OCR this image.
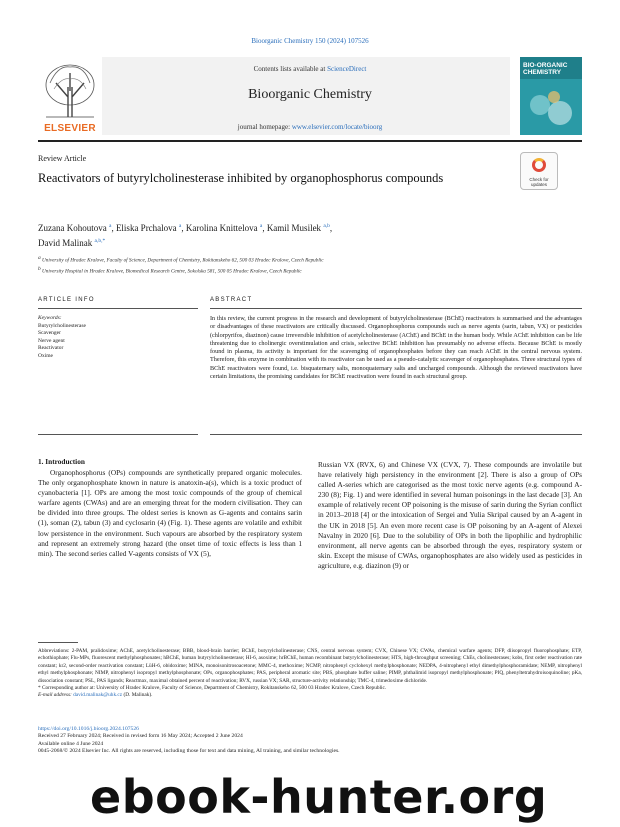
Bioorganic Chemistry 150 (2024) 107526
ELSEVIER
Contents lists available at ScienceDirect
Bioorganic Chemistry
journal homepage: www.elsevier.com/locate/bioorg
BIO-ORGANIC CHEMISTRY
Review Article
Reactivators of butyrylcholinesterase inhibited by organophosphorus compounds	Check for updates
Zuzana Kohoutova $^a$, Eliska Prchalova $^a$, Karolina Knittelova $^a$, Kamil Musilek $^{a,b}$,
David Malinak $^{a,b,*}$
$^a$ University of Hradec Kralove, Faculty of Science, Department of Chemistry, Rokitanskeho 62, 500 03 Hradec Kralove, Czech Republic
$^b$ University Hospital in Hradec Kralove, Biomedical Research Centre, Sokolska 581, 500 05 Hradec Kralove, Czech Republic
ARTICLE INFO	ABSTRACT
Keywords:
Butyrylcholinesterase
Scavenger
Nerve agent
Reactivator
Oxime
In this review, the current progress in the research and development of butyrylcholinesterase (BChE) reactivators is summarised and the advantages or disadvantages of these reactivators are critically discussed. Organophosphorus compounds such as nerve agents (sarin, tabun, VX) or pesticides (chlorpyrifos, diazinon) cause irreversible inhibition of acetylcholinesterase (AChE) and BChE in the human body. While AChE inhibition can be life threatening due to cholinergic overstimulation and crisis, selective BChE inhibition has presumably no adverse effects. Because BChE is mostly found in plasma, its activity is important for the scavenging of organophosphates before they can reach AChE in the central nervous system. Therefore, this enzyme in combination with its reactivator can be used as a pseudo-catalytic scavenger of organophosphates. Three structural types of BChE reactivators were found, i.e. bisquaternary salts, monoquaternary salts and uncharged compounds. Although the reviewed reactivators have certain limitations, the promising candidates for BChE reactivation were found in each structural group.
1. Introduction
Organophosphorus (OPs) compounds are synthetically prepared organic molecules. The only organophosphate known in nature is anatoxin-a(s), which is a toxic product of cyanobacteria [1]. OPs are among the most toxic compounds of the group of chemical warfare agents (CWAs) and are an emerging threat for the modern civilisation. They can be divided into three groups. The oldest series is known as G-agents and contains sarin (1), soman (2), tabun (3) and cyclosarin (4) (Fig. 1). These agents are volatile and exhibit low persistence in the environment. Such vapours are absorbed by the respiratory system and represent an extremely strong hazard (the onset time of toxic effects is less than 1 min). The second series called V-agents consists of VX (5),
Russian VX (RVX, 6) and Chinese VX (CVX, 7). These compounds are involatile but have relatively high persistency in the environment [2]. There is also a group of OPs called A-series which are categorised as the most toxic nerve agents (e.g. compound A-230 (8); Fig. 1) and were identified in several human poisonings in the last decade [3]. An example of relatively recent OP poisoning is the misuse of sarin during the Syrian conflict in 2013–2018 [4] or the intoxication of Sergei and Yulia Skripal caused by an A-agent in the UK in 2018 [5]. An even more recent case is OP poisoning by an A-agent of Alexei Navalny in 2020 [6]. Due to the solubility of OPs in both the lipophilic and hydrophilic environment, all nerve agents can be absorbed through the eyes, respiratory system or skin. Except the misuse of CWAs, organophosphates are also widely used as pesticides in agriculture, e.g. diazinon (9) or
Abbreviations: 2-PAM, pralidoxime; AChE, acetylcholinesterase; BBB, blood-brain barrier; BChE, butyrylcholinesterase; CNS, central nervous system; CVX, Chinese VX; CWAs, chemical warfare agents; DFP, diisopropyl fluorophosphate; ETP, echothiophate; Flu-MPs, fluorescent methylphosphonates; hBChE, human butyrylcholinesterase; HI-6, asoxime; hrBChE, human recombinant butyrylcholinesterase; HTS, high-throughput screening; ChEs, cholinesterases; kobs, first order reactivation rate constant; kr2, second-order reactivation constant; LüH-6, obidoxime; MINA, monoisonitrosoacetone; MMC-4, methoxime; NCMP, nitrophenyl cyclohexyl methylphosphonate; NEDPA, 4-nitrophenyl ethyl dimethylphosphoramidate; NEMP, nitrophenyl ethyl methylphosphonate; NIMP, nitrophenyl isopropyl methylphosphonate; OPs, organophosphates; PAS, peripheral aromatic site; PBS, phosphate buffer saline; PIMP, phthalimid isopropyl methylphosphonate; PIQ, phenyltetrahydroisoquinoline; pKa, dissociation constant; PSL, PAS ligands; Reactmax, maximal obtained percent of reactivation; RVX, russian VX; SAR, structure-activity relationship; TMC-4, trimedoxime dichloride.
* Corresponding author at: University of Hradec Kralove, Faculty of Science, Department of Chemistry, Rokitanskeho 62, 500 03 Hradec Kralove, Czech Republic.
E-mail address: david.malinak@uhk.cz (D. Malinak).
https://doi.org/10.1016/j.bioorg.2024.107526
Received 27 February 2024; Received in revised form 16 May 2024; Accepted 2 June 2024
Available online 4 June 2024
0045-2068/© 2024 Elsevier Inc. All rights are reserved, including those for text and data mining, AI training, and similar technologies.
ebook-hunter.org
